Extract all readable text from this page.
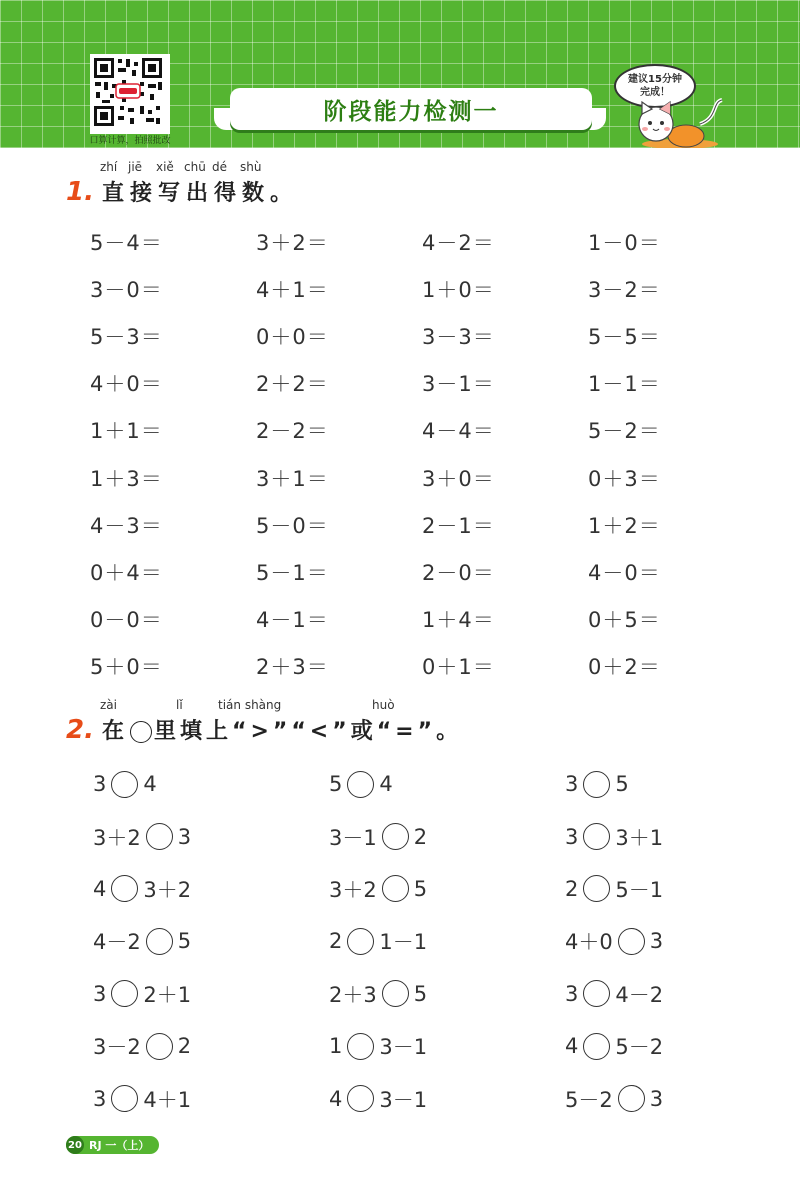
口算计算，拍照批改
阶段能力检测一
建议15分钟
完成！
zhí jiē xiě chū dé shù
1. 直接写出得数。
5－4＝	3＋2＝	4－2＝	1－0＝
3－0＝	4＋1＝	1＋0＝	3－2＝
5－3＝	0＋0＝	3－3＝	5－5＝
4＋0＝	2＋2＝	3－1＝	1－1＝
1＋1＝	2－2＝	4－4＝	5－2＝
1＋3＝	3＋1＝	3＋0＝	0＋3＝
4－3＝	5－0＝	2－1＝	1＋2＝
0＋4＝	5－1＝	2－0＝	4－0＝
0－0＝	4－1＝	1＋4＝	0＋5＝
5＋0＝	2＋3＝	0＋1＝	0＋2＝
zài	lǐ	tián shàng	huò
2. 在 里填上“>”“<”或“=”。
3 4	5 4	3 5
3＋2 3	3－1 2	3 3＋1
4 3＋2	3＋2 5	2 5－1
4－2 5	2 1－1	4＋0 3
3 2＋1	2＋3 5	3 4－2
3－2 2	1 3－1	4 5－2
3 4＋1	4 3－1	5－2 3
20 RJ 一（上）
